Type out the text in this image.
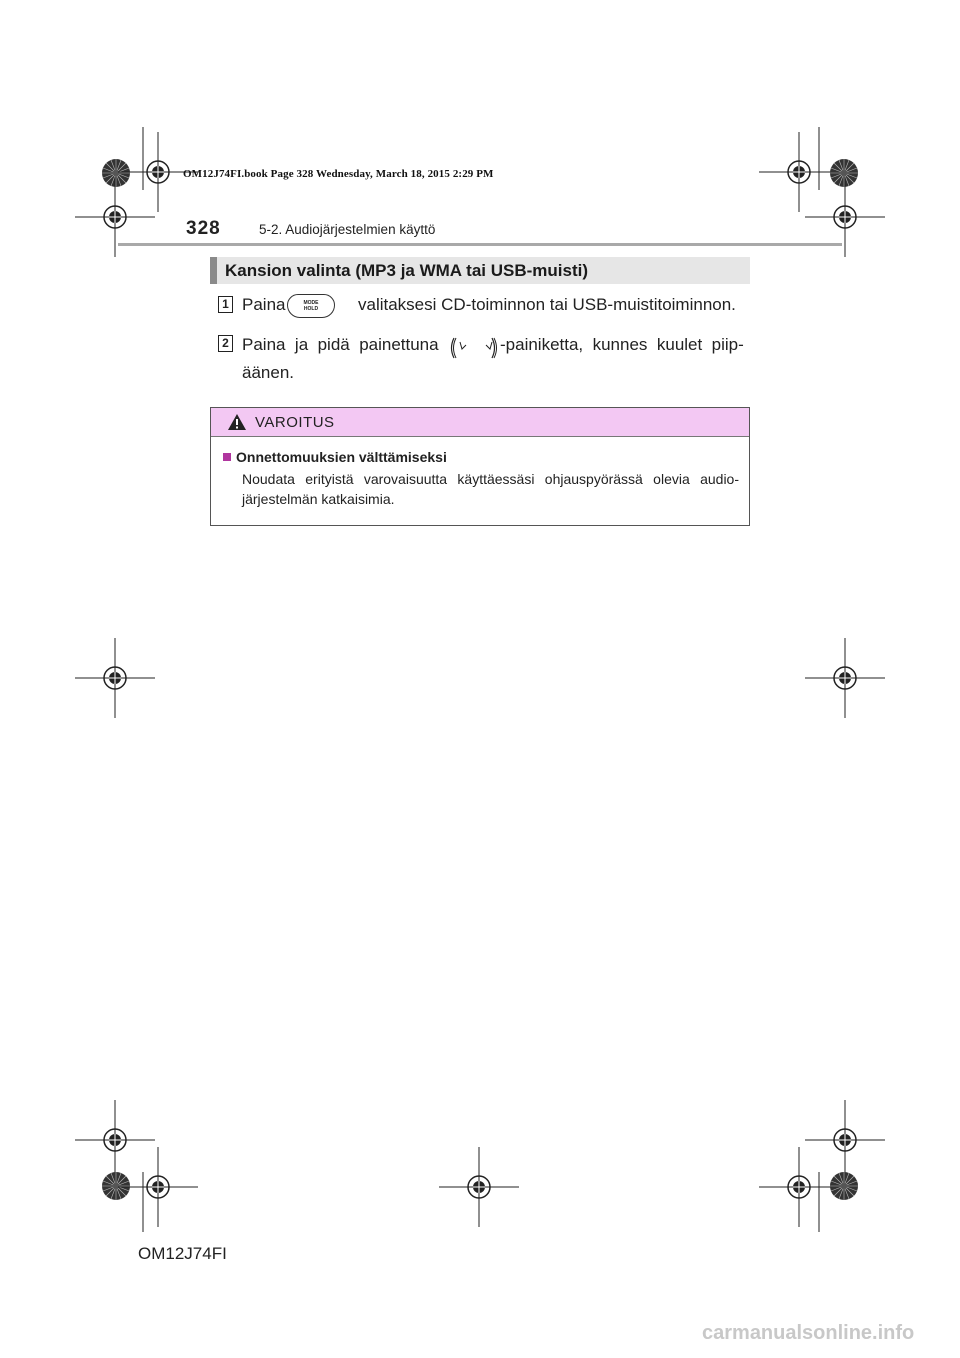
OM12J74FI.book Page 328 Wednesday, March 18, 2015 2:29 PM
328	5-2. Audiojärjestelmien käyttö
Kansion valinta (MP3 ja WMA tai USB-muisti)
1 Paina	MODE
HOLD valitaksesi CD-toiminnon tai USB-muistitoiminnon.
2 Paina  ja  pidä  painettuna	-painiketta,  kunnes  kuulet  piip-
äänen.
VAROITUS
Onnettomuuksien välttämiseksi
Noudata  erityistä  varovaisuutta  käyttäessäsi  ohjauspyörässä  olevia  audio-järjestelmän katkaisimia.
OM12J74FI
carmanualsonline.info
